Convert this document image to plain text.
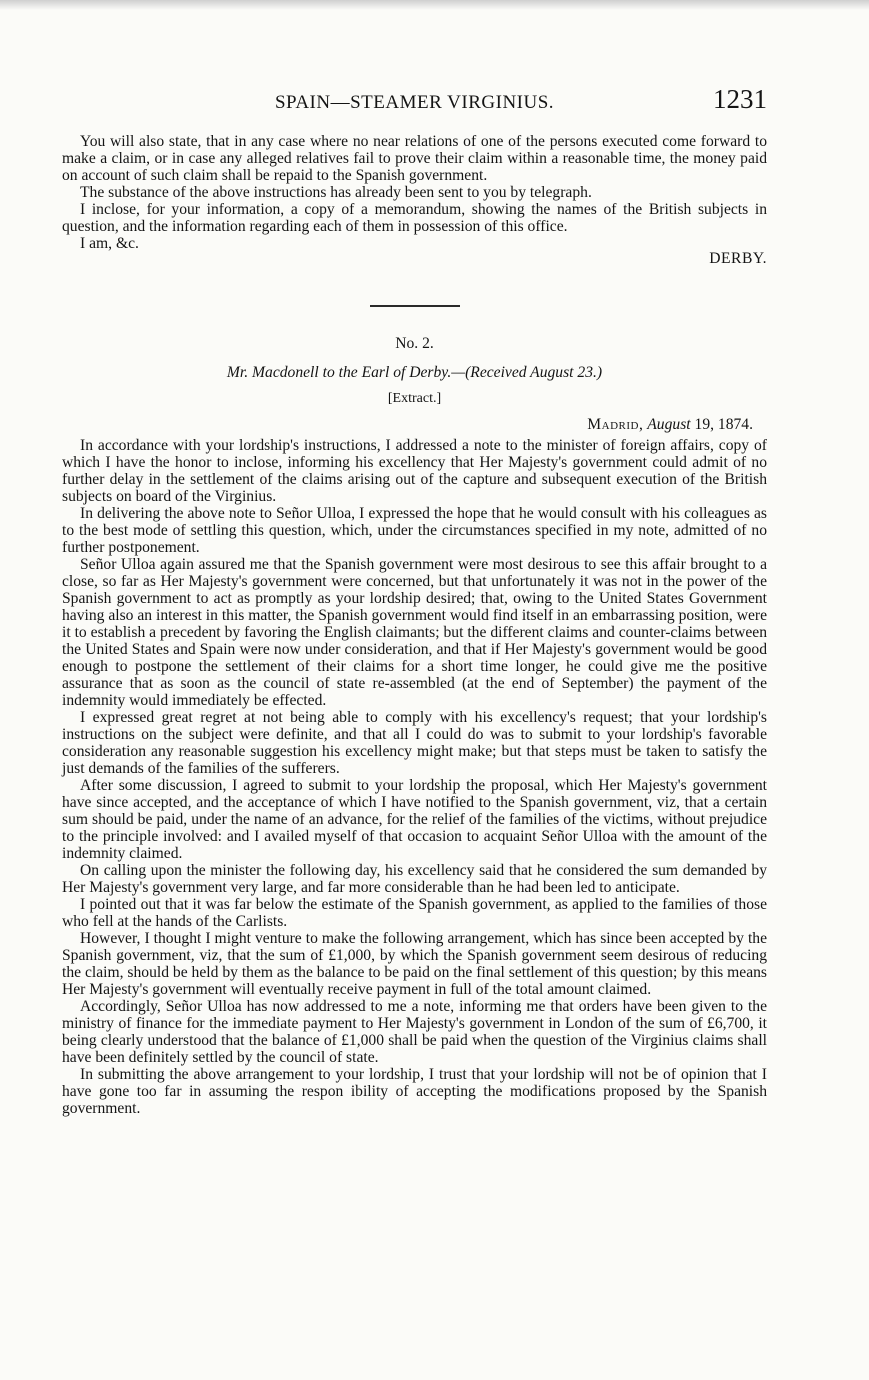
SPAIN—STEAMER VIRGINIUS.	1231

You will also state, that in any case where no near relations of one of the persons executed come forward to make a claim, or in case any alleged relatives fail to prove their claim within a reasonable time, the money paid on account of such claim shall be repaid to the Spanish government.

The substance of the above instructions has already been sent to you by telegraph.

I inclose, for your information, a copy of a memorandum, showing the names of the British subjects in question, and the information regarding each of them in possession of this office.

I am, &c.
DERBY.
No. 2.
Mr. Macdonell to the Earl of Derby.—(Received August 23.)
[Extract.]
Madrid, August 19, 1874.

In accordance with your lordship's instructions, I addressed a note to the minister of foreign affairs, copy of which I have the honor to inclose, informing his excellency that Her Majesty's government could admit of no further delay in the settlement of the claims arising out of the capture and subsequent execution of the British subjects on board of the Virginius.

In delivering the above note to Señor Ulloa, I expressed the hope that he would consult with his colleagues as to the best mode of settling this question, which, under the circumstances specified in my note, admitted of no further postponement.

Señor Ulloa again assured me that the Spanish government were most desirous to see this affair brought to a close, so far as Her Majesty's government were concerned, but that unfortunately it was not in the power of the Spanish government to act as promptly as your lordship desired; that, owing to the United States Government having also an interest in this matter, the Spanish government would find itself in an embarrassing position, were it to establish a precedent by favoring the English claimants; but the different claims and counter-claims between the United States and Spain were now under consideration, and that if Her Majesty's government would be good enough to postpone the settlement of their claims for a short time longer, he could give me the positive assurance that as soon as the council of state re-assembled (at the end of September) the payment of the indemnity would immediately be effected.

I expressed great regret at not being able to comply with his excellency's request; that your lordship's instructions on the subject were definite, and that all I could do was to submit to your lordship's favorable consideration any reasonable suggestion his excellency might make; but that steps must be taken to satisfy the just demands of the families of the sufferers.

After some discussion, I agreed to submit to your lordship the proposal, which Her Majesty's government have since accepted, and the acceptance of which I have notified to the Spanish government, viz, that a certain sum should be paid, under the name of an advance, for the relief of the families of the victims, without prejudice to the principle involved: and I availed myself of that occasion to acquaint Señor Ulloa with the amount of the indemnity claimed.

On calling upon the minister the following day, his excellency said that he considered the sum demanded by Her Majesty's government very large, and far more considerable than he had been led to anticipate.

I pointed out that it was far below the estimate of the Spanish government, as applied to the families of those who fell at the hands of the Carlists.

However, I thought I might venture to make the following arrangement, which has since been accepted by the Spanish government, viz, that the sum of £1,000, by which the Spanish government seem desirous of reducing the claim, should be held by them as the balance to be paid on the final settlement of this question; by this means Her Majesty's government will eventually receive payment in full of the total amount claimed.

Accordingly, Señor Ulloa has now addressed to me a note, informing me that orders have been given to the ministry of finance for the immediate payment to Her Majesty's government in London of the sum of £6,700, it being clearly understood that the balance of £1,000 shall be paid when the question of the Virginius claims shall have been definitely settled by the council of state.

In submitting the above arrangement to your lordship, I trust that your lordship will not be of opinion that I have gone too far in assuming the respon ibility of accepting the modifications proposed by the Spanish government.
